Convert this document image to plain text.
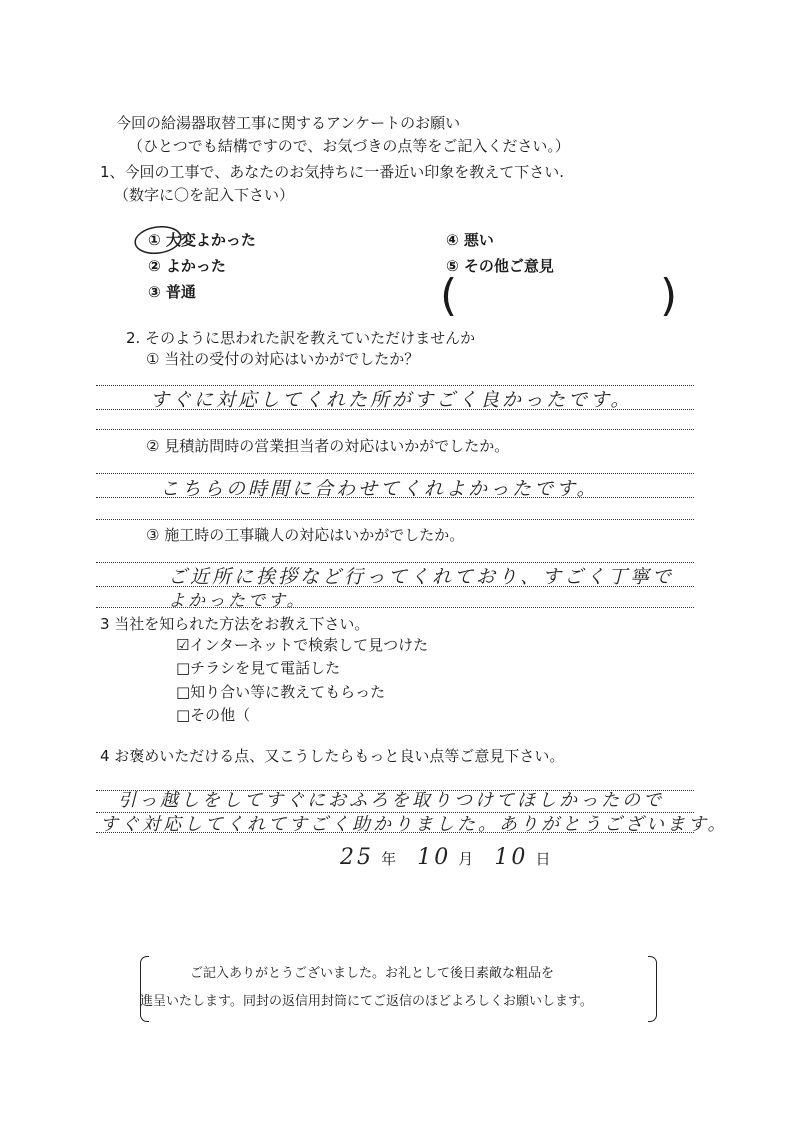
今回の給湯器取替工事に関するアンケートのお願い
（ひとつでも結構ですので、お気づきの点等をご記入ください。）
1、今回の工事で、あなたのお気持ちに一番近い印象を教えて下さい.
（数字に〇を記入下さい）
① 大変よかった
② よかった
③ 普通
④ 悪い
⑤ その他ご意見
(	)
2. そのように思われた訳を教えていただけませんか
① 当社の受付の対応はいかがでしたか？
すぐに対応してくれた所がすごく良かったです。
② 見積訪問時の営業担当者の対応はいかがでしたか。
こちらの時間に合わせてくれよかったです。
③ 施工時の工事職人の対応はいかがでしたか。
ご近所に挨拶など行ってくれており、すごく丁寧で
よかったです。
3 当社を知られた方法をお教え下さい。
☑インターネットで検索して見つけた
□チラシを見て電話した
□知り合い等に教えてもらった
□その他（
4 お褒めいただける点、又こうしたらもっと良い点等ご意見下さい。
引っ越しをしてすぐにおふろを取りつけてほしかったので
すぐ対応してくれてすごく助かりました。ありがとうございます。
25 年 10 月 10 日
ご記入ありがとうございました。お礼として後日素敵な粗品を
進呈いたします。同封の返信用封筒にてご返信のほどよろしくお願いします。
